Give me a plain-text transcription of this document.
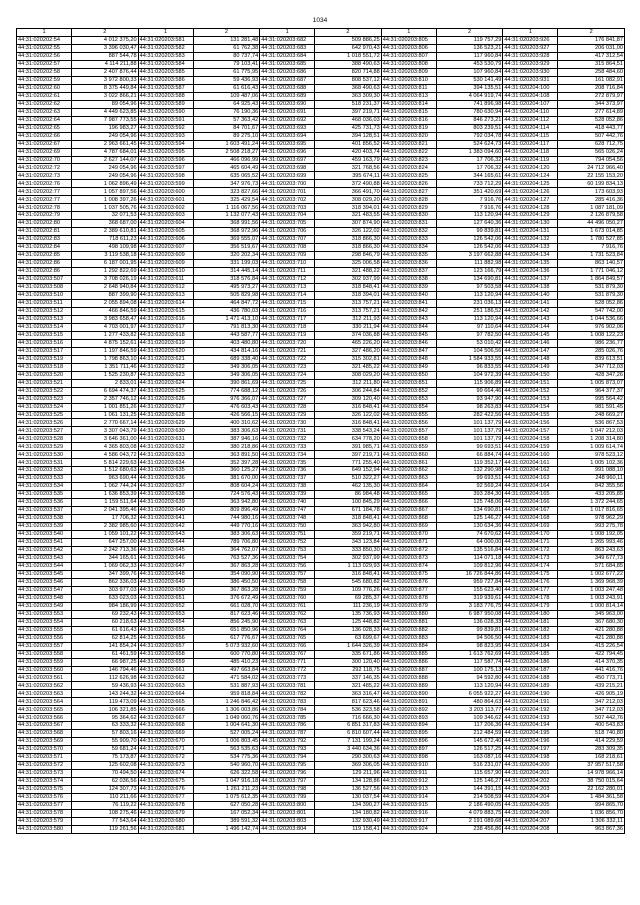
1034
1	2	1	2	1	2	1	2	1	2
44:31:020202:54	4 012 375,20	44:31:020203:581	131 281,48	44:31:020203:682	509 886,25	44:31:020203:805	119 757,29	44:31:020203:926	176 841,87
44:31:020202:55	3 396 030,47	44:31:020203:582	61 762,38	44:31:020203:683	642 970,43	44:31:020203:806	136 523,21	44:31:020203:927	206 031,00
44:31:020202:56	887 544,78	44:31:020203:583	80 737,74	44:31:020203:684	1 018 551,72	44:31:020203:807	117 960,84	44:31:020203:928	417 312,54
44:31:020202:57	4 114 211,88	44:31:020203:584	79 103,41	44:31:020203:685	388 490,63	44:31:020203:808	453 530,79	44:31:020203:929	315 864,51
44:31:020202:58	2 407 876,44	44:31:020203:585	61 775,95	44:31:020203:686	820 714,88	44:31:020203:809	107 960,84	44:31:020203:930	258 484,60
44:31:020202:59	3 972 800,33	44:31:020203:586	59 436,93	44:31:020203:687	808 537,12	44:31:020203:810	530 141,49	44:31:020203:931	161 082,91
44:31:020202:60	8 375 449,84	44:31:020203:587	61 616,43	44:31:020203:688	368 490,63	44:31:020203:811	394 135,51	44:31:020204:100	208 716,84
44:31:020202:61	3 022 866,21	44:31:020203:588	109 487,06	44:31:020203:689	363 309,30	44:31:020203:813	4 064 919,74	44:31:020204:108	272 879,97
44:31:020202:62	89 054,96	44:31:020203:589	64 925,43	44:31:020203:690	518 231,37	44:31:020203:814	741 896,98	44:31:020204:107	344 373,97
44:31:020202:63	4 449 623,85	44:31:020203:590	76 190,36	44:31:020203:691	397 219,71	44:31:020203:815	780 630,94	44:31:020204:110	277 614,89
44:31:020202:64	7 987 773,55	44:31:020203:591	57 363,42	44:31:020203:692	468 036,03	44:31:020203:816	846 273,21	44:31:020204:112	528 052,86
44:31:020202:65	196 983,27	44:31:020203:592	84 701,67	44:31:020203:693	425 731,73	44:31:020203:819	803 239,51	44:31:020204:114	418 443,77
44:31:020202:66	249 054,96	44:31:020203:593	89 275,10	44:31:020203:694	394 128,51	44:31:020203:820	792 034,78	44:31:020204:115	507 442,76
44:31:020202:67	2 963 661,45	44:31:020203:594	1 603 491,24	44:31:020203:695	401 856,52	44:31:020203:821	524 624,73	44:31:020204:117	628 712,75
44:31:020202:69	4 787 684,01	44:31:020203:595	2 508 218,27	44:31:020203:696	420 403,74	44:31:020203:822	1 383 094,60	44:31:020204:118	565 026,24
44:31:020202:70	2 627 144,07	44:31:020203:596	466 096,99	44:31:020203:697	459 163,79	44:31:020203:823	17 706,32	44:31:020204:119	794 054,56
44:31:020202:72	249 054,96	44:31:020203:597	465 604,49	44:31:020203:698	321 768,56	44:31:020203:824	17 706,32	44:31:020204:120	24 712 966,40
44:31:020202:73	249 054,96	44:31:020203:598	635 065,52	44:31:020203:699	395 674,11	44:31:020203:825	344 165,61	44:31:020204:124	22 155 153,20
44:31:020202:76	1 062 896,49	44:31:020203:599	347 976,73	44:31:020203:700	372 490,88	44:31:020203:826	733 712,29	44:31:020204:125	60 199 834,13
44:31:020202:77	1 057 897,56	44:31:020203:600	323 827,66	44:31:020203:701	366 491,70	44:31:020203:827	351 420,69	44:31:020204:126	173 603,93
44:31:020202:77	1 008 397,26	44:31:020203:601	325 429,54	44:31:020203:702	308 029,20	44:31:020203:828	7 916,76	44:31:020204:127	285 416,36
44:31:020202:78	1 037 505,76	44:31:020203:602	1 116 067,56	44:31:020203:703	318 394,01	44:31:020203:829	7 916,76	44:31:020204:128	1 087 181,09
44:31:020202:79	32 071,53	44:31:020203:603	1 132 077,43	44:31:020203:704	321 483,55	44:31:020203:830	113 120,94	44:31:020204:129	2 126 879,58
44:31:020202:80	368 687,00	44:31:020203:604	368 991,56	44:31:020203:705	307 874,90	44:31:020203:831	127 640,36	44:31:020204:130	44 496 050,27
44:31:020202:81	2 389 610,81	44:31:020203:605	368 972,96	44:31:020203:706	326 122,02	44:31:020203:832	99 839,81	44:31:020204:131	1 673 014,85
44:31:020202:83	718 611,23	44:31:020203:606	369 555,07	44:31:020203:707	318 866,30	44:31:020203:833	126 542,06	44:31:020204:132	1 780 527,85
44:31:020202:84	498 109,98	44:31:020203:607	356 519,67	44:31:020203:708	318 866,30	44:31:020203:834	126 542,06	44:31:020204:133	7 916,76
44:31:020202:85	3 119 538,18	44:31:020203:609	320 202,34	44:31:020203:709	298 846,79	44:31:020203:835	3 197 662,88	44:31:020204:134	1 731 523,84
44:31:020202:86	6 187 001,95	44:31:020203:609	331 199,03	44:31:020203:710	325 006,58	44:31:020203:836	111 882,98	44:31:020204:135	863 140,57
44:31:020202:86	1 292 822,69	44:31:020203:610	314 445,14	44:31:020203:711	321 488,22	44:31:020203:837	123 166,79	44:31:020204:136	1 771 046,12
44:31:020203:507	3 708 026,19	44:31:020203:611	318 576,84	44:31:020203:712	302 937,99	44:31:020203:838	134 690,81	44:31:020204:137	1 864 849,57
44:31:020203:508	2 648 940,84	44:31:020203:612	495 973,27	44:31:020203:713	318 848,41	44:31:020203:839	97 503,58	44:31:020204:138	531 879,30
44:31:020203:510	887 399,90	44:31:020203:613	505 829,98	44:31:020203:714	318 394,01	44:31:020203:840	113 120,94	44:31:020204:140	531 879,30
44:31:020203:511	2 055 894,08	44:31:020203:614	464 847,72	44:31:020203:715	313 757,21	44:31:020203:841	231 036,13	44:31:020204:141	528 052,86
44:31:020203:512	466 846,59	44:31:020203:615	436 780,03	44:31:020203:716	313 757,21	44:31:020203:842	251 186,52	44:31:020204:142	547 742,00
44:31:020203:513	3 983 658,47	44:31:020203:616	1 471 413,10	44:31:020203:717	312 211,93	44:31:020203:843	113 120,94	44:31:020204:143	1 044 536,66
44:31:020203:514	4 703 001,97	44:31:020203:617	791 813,30	44:31:020203:718	330 211,94	44:31:020203:844	97 110,64	44:31:020204:144	976 902,06
44:31:020203:515	1 277 433,82	44:31:020203:618	443 587,77	44:31:020203:719	374 036,88	44:31:020203:845	97 782,50	44:31:020204:145	1 008 122,23
44:31:020203:516	4 875 152,61	44:31:020203:619	403 480,80	44:31:020203:720	465 226,20	44:31:020203:846	53 010,42	44:31:020204:146	986 236,77
44:31:020203:517	1 197 846,59	44:31:020203:620	434 814,16	44:31:020203:721	327 486,20	44:31:020203:847	104 506,56	44:31:020204:147	285 026,76
44:31:020203:519	1 798 863,10	44:31:020203:621	689 338,40	44:31:020203:722	315 302,81	44:31:020203:848	1 584 933,55	44:31:020204:148	839 613,51
44:31:020203:518	1 351 711,46	44:31:020203:622	349 306,05	44:31:020203:723	321 485,22	44:31:020203:849	96 833,55	44:31:020204:149	347 712,03
44:31:020203:520	1 525 230,87	44:31:020203:623	349 306,05	44:31:020203:724	308 029,20	44:31:020203:850	104 972,39	44:31:020204:150	428 347,26
44:31:020203:521	2 833,01	44:31:020203:624	390 861,69	44:31:020203:725	312 211,80	44:31:020203:851	115 906,89	44:31:020204:151	1 005 873,07
44:31:020203:522	6 694 474,37	44:31:020203:625	774 688,12	44:31:020203:726	306 244,84	44:31:020203:852	99 664,46	44:31:020204:152	964 377,37
44:31:020203:523	2 357 746,12	44:31:020203:626	976 366,07	44:31:020203:727	309 120,40	44:31:020203:853	93 947,90	44:31:020204:153	995 564,42
44:31:020203:524	1 001 851,26	44:31:020203:627	476 603,43	44:31:020203:728	316 848,41	44:31:020203:854	98 263,83	44:31:020204:154	981 591,45
44:31:020203:525	1 061 131,25	44:31:020203:628	426 566,15	44:31:020203:729	326 122,02	44:31:020203:855	282 422,56	44:31:020204:155	248 669,27
44:31:020203:526	2 770 667,14	44:31:020203:629	400 310,62	44:31:020203:730	316 848,41	44:31:020203:856	101 137,79	44:31:020204:156	536 867,53
44:31:020203:527	3 307 043,79	44:31:020203:630	383 306,63	44:31:020203:731	338 543,24	44:31:020203:857	101 137,79	44:31:020204:157	1 047 212,03
44:31:020203:528	3 646 361,00	44:31:020203:631	387 946,16	44:31:020203:732	634 778,20	44:31:020203:858	101 137,79	44:31:020204:158	1 208 314,80
44:31:020203:529	4 365 803,08	44:31:020203:632	380 218,86	44:31:020203:733	391 985,71	44:31:020203:859	99 693,51	44:31:020204:159	1 009 614,74
44:31:020203:530	4 586 043,72	44:31:020203:633	363 891,50	44:31:020203:734	397 219,71	44:31:020203:860	66 884,74	44:31:020204:160	978 523,12
44:31:020203:531	5 814 229,63	44:31:020203:634	352 397,28	44:31:020203:735	771 255,40	44:31:020203:861	119 352,17	44:31:020204:161	1 005 102,36
44:31:020203:532	1 512 680,63	44:31:020203:635	360 125,27	44:31:020203:736	649 152,94	44:31:020203:862	132 290,98	44:31:020204:162	991 088,10
44:31:020203:533	963 690,44	44:31:020203:636	381 670,00	44:31:020203:737	510 322,27	44:31:020203:863	99 693,51	44:31:020204:163	248 960,11
44:31:020203:534	1 062 744,24	44:31:020203:637	808 604,24	44:31:020203:738	462 135,30	44:31:020203:864	92 569,24	44:31:020204:164	842 355,56
44:31:020203:535	1 636 853,39	44:31:020203:638	724 576,43	44:31:020203:739	86 984,48	44:31:020203:865	393 284,30	44:31:020204:165	433 205,85
44:31:020203:536	1 159 511,64	44:31:020203:639	363 942,80	44:31:020203:740	100 845,29	44:31:020203:866	125 748,06	44:31:020204:166	1 372 244,65
44:31:020203:537	2 041 395,46	44:31:020203:640	809 896,49	44:31:020203:747	671 184,78	44:31:020203:867	134 690,81	44:31:020204:167	1 017 816,65
44:31:020203:538	17 706,32	44:31:020203:641	744 980,16	44:31:020203:748	318 848,41	44:31:020203:868	125 146,27	44:31:020204:168	978 962,29
44:31:020203:539	2 382 985,60	44:31:020203:642	449 770,16	44:31:020203:750	363 942,80	44:31:020203:869	130 634,36	44:31:020204:169	993 275,78
44:31:020203:540	1 059 101,22	44:31:020203:643	383 306,63	44:31:020203:751	359 219,71	44:31:020203:870	74 670,62	44:31:020204:170	1 008 192,05
44:31:020203:541	647 257,00	44:31:020203:644	789 706,80	44:31:020203:752	343 123,84	44:31:020203:871	64 000,00	44:31:020204:171	1 265 993,46
44:31:020203:542	2 242 713,36	44:31:020203:645	364 762,07	44:31:020203:753	333 850,30	44:31:020203:872	135 516,84	44:31:020204:172	863 243,63
44:31:020203:543	344 165,61	44:31:020203:646	763 527,36	44:31:020203:754	302 937,99	44:31:020203:873	114 071,18	44:31:020204:173	349 677,73
44:31:020203:544	1 069 062,33	44:31:020203:647	367 863,28	44:31:020203:756	1 113 029,93	44:31:020203:874	109 812,96	44:31:020204:174	571 684,85
44:31:020203:545	347 399,76	44:31:020203:648	354 090,90	44:31:020203:757	316 848,41	44:31:020203:875	16 726 844,86	44:31:020204:175	1 002 677,22
44:31:020203:546	862 336,03	44:31:020203:649	386 450,50	44:31:020203:758	545 680,82	44:31:020203:876	959 727,84	44:31:020204:176	1 369 968,39
44:31:020203:547	303 977,03	44:31:020203:650	367 863,28	44:31:020203:759	109 776,26	44:31:020203:877	155 623,40	44:31:020204:177	1 003 247,48
44:31:020203:548	633 023,03	44:31:020203:651	376 672,49	44:31:020203:760	69 285,37	44:31:020203:878	319 939,61	44:31:020204:178	1 003 243,91
44:31:020203:549	984 186,99	44:31:020203:652	661 028,70	44:31:020203:761	111 236,19	44:31:020203:879	3 183 776,75	44:31:020204:179	1 000 814,14
44:31:020203:553	69 232,43	44:31:020203:653	817 623,46	44:31:020203:762	135 736,93	44:31:020203:880	6 987 950,08	44:31:020204:180	345 963,00
44:31:020203:554	60 218,63	44:31:020203:654	856 245,90	44:31:020203:763	125 448,82	44:31:020203:881	136 028,33	44:31:020204:181	367 680,30
44:31:020203:555	61 616,43	44:31:020203:655	651 850,96	44:31:020203:764	136 028,33	44:31:020203:882	99 839,81	44:31:020204:182	421 280,88
44:31:020203:556	62 814,25	44:31:020203:656	617 776,67	44:31:020203:765	63 699,67	44:31:020203:883	94 506,50	44:31:020204:183	421 280,88
44:31:020203:557	141 854,24	44:31:020203:657	5 073 932,60	44:31:020203:766	1 644 326,39	44:31:020203:884	98 823,95	44:31:020204:184	415 226,54
44:31:020203:558	61 461,59	44:31:020203:658	600 770,80	44:31:020203:767	335 671,86	44:31:020203:885	1 613 762,69	44:31:020204:185	422 794,45
44:31:020203:559	66 987,25	44:31:020203:659	485 410,23	44:31:020203:771	300 120,40	44:31:020203:886	117 587,74	44:31:020204:186	414 370,35
44:31:020203:560	146 794,46	44:31:020203:661	497 663,84	44:31:020203:772	292 118,75	44:31:020203:887	100 175,13	44:31:020204:187	441 416,76
44:31:020203:561	112 626,98	44:31:020203:662	471 584,02	44:31:020203:773	337 146,35	44:31:020203:888	94 592,80	44:31:020204:188	450 773,71
44:31:020203:562	59 436,93	44:31:020203:663	531 887,93	44:31:020203:781	321 485,22	44:31:020203:889	113 120,94	44:31:020204:189	439 215,21
44:31:020203:563	143 244,32	44:31:020203:664	959 818,84	44:31:020203:782	363 316,47	44:31:020203:890	6 055 922,27	44:31:020204:190	426 905,19
44:31:020203:564	119 473,09	44:31:020203:665	1 246 846,42	44:31:020203:783	817 623,46	44:31:020203:891	480 864,63	44:31:020204:191	347 212,03
44:31:020203:565	106 321,85	44:31:020203:666	1 306 003,86	44:31:020203:784	536 323,58	44:31:020203:892	3 203 113,77	44:31:020204:192	347 712,03
44:31:020203:566	95 364,62	44:31:020203:667	1 049 060,76	44:31:020203:785	716 666,30	44:31:020203:893	109 346,62	44:31:020204:193	507 442,76
44:31:020203:567	63 333,32	44:31:020203:668	1 004 641,30	44:31:020203:786	6 851 317,83	44:31:020203:894	117 206,36	44:31:020204:194	400 543,83
44:31:020203:568	57 803,16	44:31:020203:669	527 005,24	44:31:020203:787	6 810 607,44	44:31:020203:895	212 484,59	44:31:020204:195	518 740,80
44:31:020203:569	55 909,70	44:31:020203:670	1 006 803,45	44:31:020203:792	7 131 199,24	44:31:020203:896	145 672,40	44:31:020204:196	414 229,59
44:31:020203:570	59 681,24	44:31:020203:671	563 535,63	44:31:020203:793	3 440 634,36	44:31:020203:897	126 517,25	44:31:020204:197	283 309,35
44:31:020203:571	75 173,87	44:31:020203:672	534 775,36	44:31:020203:794	290 300,63	44:31:020203:898	163 087,16	44:31:020204:198	168 218,61
44:31:020203:572	125 602,08	44:31:020203:673	540 960,70	44:31:020203:795	369 306,05	44:31:020203:910	516 231,07	44:31:020204:200	37 957 517,58
44:31:020203:573	70 494,50	44:31:020203:674	626 322,58	44:31:020203:796	129 211,96	44:31:020203:911	115 657,90	44:31:020204:201	14 978 966,14
44:31:020203:574	62 036,56	44:31:020203:675	1 047 916,18	44:31:020203:797	134 128,86	44:31:020203:912	125 146,27	44:31:020204:202	38 750 015,64
44:31:020203:575	124 307,73	44:31:020203:676	1 261 211,23	44:31:020203:798	136 527,56	44:31:020203:913	144 391,15	44:31:020204:203	22 162 280,01
44:31:020203:576	110 211,66	44:31:020203:677	1 075 612,35	44:31:020203:799	130 037,54	44:31:020203:914	214 508,59	44:31:020204:204	1 484 361,58
44:31:020203:577	76 119,22	44:31:020203:678	627 050,28	44:31:020203:800	134 390,27	44:31:020203:915	2 186 490,05	44:31:020204:205	994 865,70
44:31:020203:578	108 275,46	44:31:020203:679	167 052,34	44:31:020203:801	134 180,82	44:31:020203:916	4 079 883,75	44:31:020204:206	1 036 856,70
44:31:020203:579	77 543,64	44:31:020203:680	389 591,32	44:31:020203:803	132 930,49	44:31:020203:917	2 191 089,68	44:31:020204:207	1 306 332,11
44:31:020203:580	119 261,56	44:31:020203:681	1 496 142,74	44:31:020203:804	119 158,41	44:31:020203:924	238 456,86	44:31:020204:208	963 867,36
